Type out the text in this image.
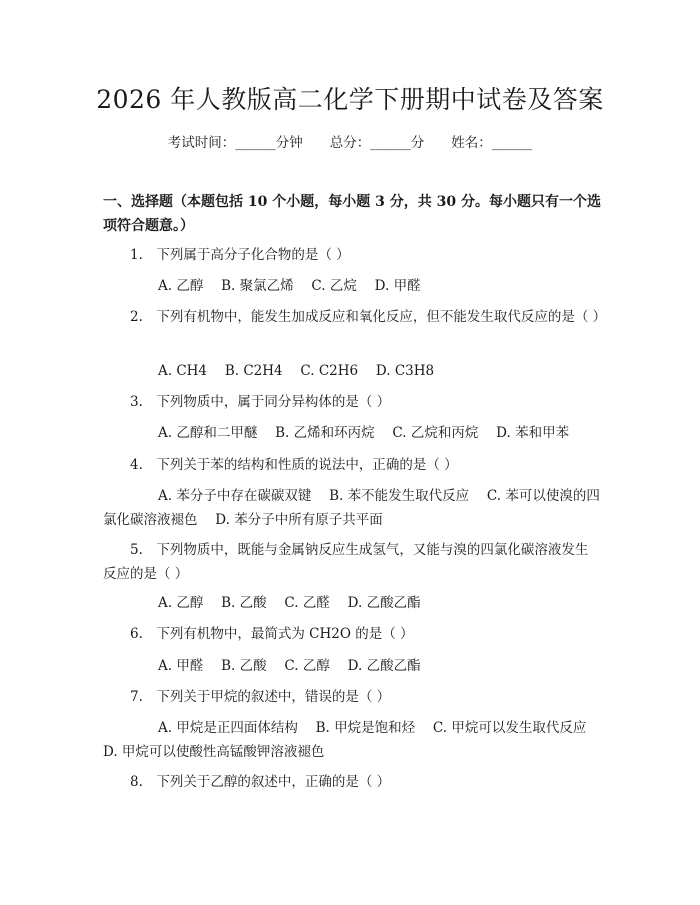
2026 年人教版高二化学下册期中试卷及答案
考试时间：______分钟　　总分：______分　　姓名：______

一、选择题（本题包括 10 个小题，每小题 3 分，共 30 分。每小题只有一个选项符合题意。）

1.　下列属于高分子化合物的是（ ）

A. 乙醇　 B. 聚氯乙烯　 C. 乙烷　 D. 甲醛

2.　下列有机物中，能发生加成反应和氧化反应，但不能发生取代反应的是（ ）

A. CH4　 B. C2H4　 C. C2H6　 D. C3H8

3.　下列物质中，属于同分异构体的是（ ）

A. 乙醇和二甲醚　 B. 乙烯和环丙烷　 C. 乙烷和丙烷　 D. 苯和甲苯

4.　下列关于苯的结构和性质的说法中，正确的是（ ）

A. 苯分子中存在碳碳双键　 B. 苯不能发生取代反应　 C. 苯可以使溴的四氯化碳溶液褪色　 D. 苯分子中所有原子共平面

5.　下列物质中，既能与金属钠反应生成氢气，又能与溴的四氯化碳溶液发生反应的是（ ）

A. 乙醇　 B. 乙酸　 C. 乙醛　 D. 乙酸乙酯

6.　下列有机物中，最简式为 CH2O 的是（ ）

A. 甲醛　 B. 乙酸　 C. 乙醇　 D. 乙酸乙酯

7.　下列关于甲烷的叙述中，错误的是（ ）

A. 甲烷是正四面体结构　 B. 甲烷是饱和烃　 C. 甲烷可以发生取代反应　 D. 甲烷可以使酸性高锰酸钾溶液褪色

8.　下列关于乙醇的叙述中，正确的是（ ）
